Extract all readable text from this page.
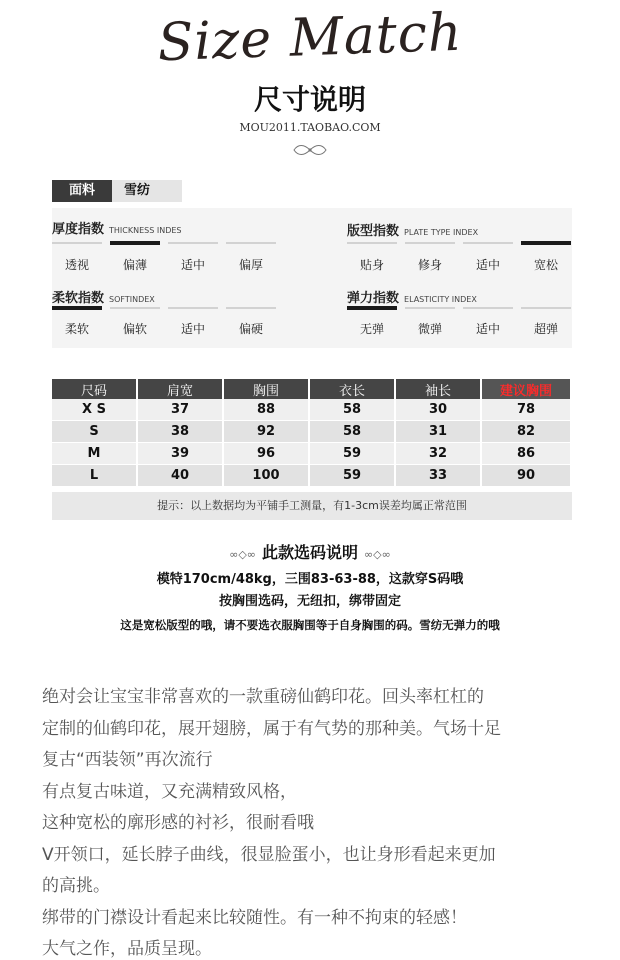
Size Match
尺寸说明
MOU2011.TAOBAO.COM
面料	雪纺
厚度指数 THICKNESS INDES
透视	偏薄	适中	偏厚
版型指数 PLATE TYPE INDEX
贴身	修身	适中	宽松
柔软指数 SOFTINDEX
柔软	偏软	适中	偏硬
弹力指数 ELASTICITY INDEX
无弹	微弹	适中	超弹
尺码	肩宽	胸围	衣长	袖长	建议胸围
X S	37	88	58	30	78
S	38	92	58	31	82
M	39	96	59	32	86
L	40	100	59	33	90
提示：以上数据均为平铺手工测量，有1-3cm误差均属正常范围
∞◇∞ 此款选码说明 ∞◇∞
模特170cm/48kg，三围83-63-88，这款穿S码哦
按胸围选码，无纽扣，绑带固定
这是宽松版型的哦，请不要选衣服胸围等于自身胸围的码。雪纺无弹力的哦

绝对会让宝宝非常喜欢的一款重磅仙鹤印花。回头率杠杠的

定制的仙鹤印花，展开翅膀，属于有气势的那种美。气场十足

复古“西装领”再次流行

有点复古味道，又充满精致风格，

这种宽松的廓形感的衬衫，很耐看哦

V开领口，延长脖子曲线，很显脸蛋小，也让身形看起来更加

的高挑。

绑带的门襟设计看起来比较随性。有一种不拘束的轻感！

大气之作，品质呈现。
